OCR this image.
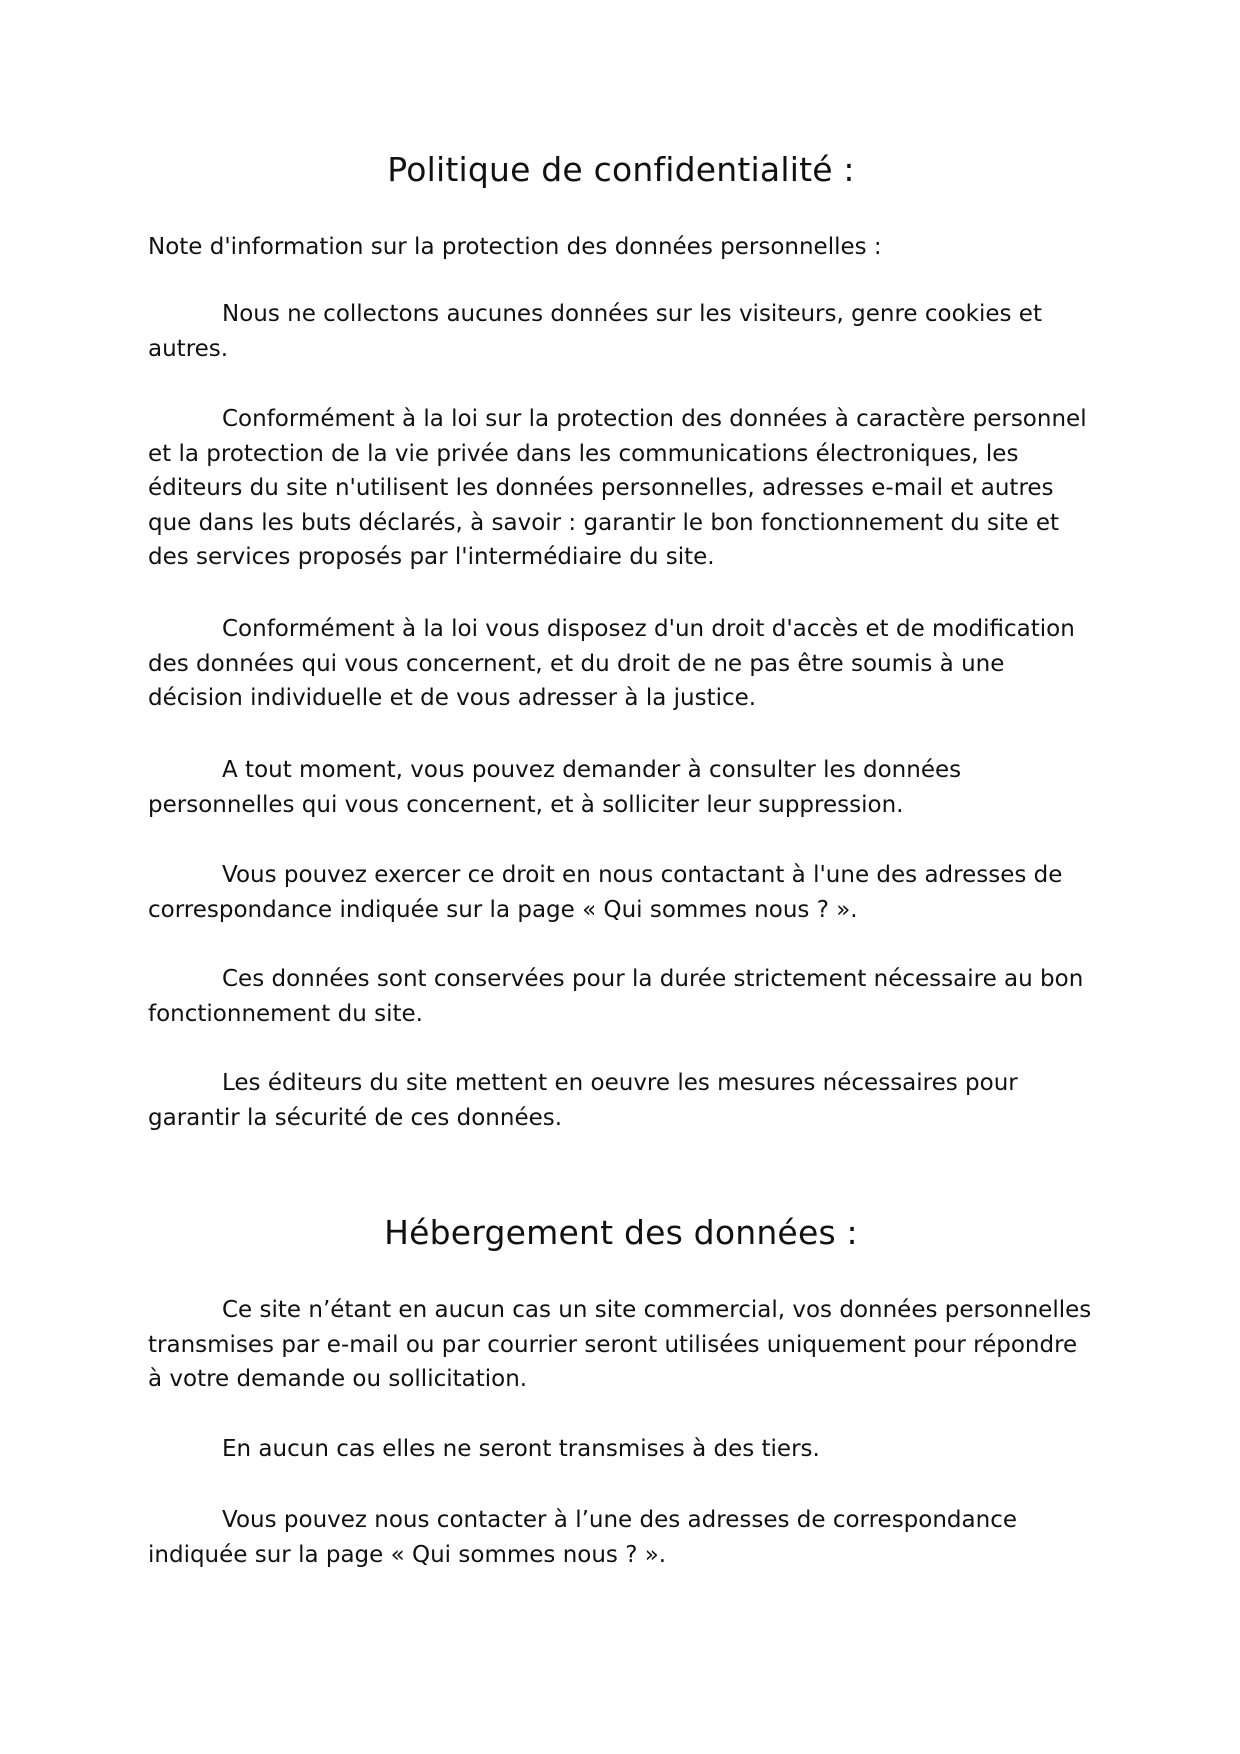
Politique de confidentialité :

Note d'information sur la protection des données personnelles :

Nous ne collectons aucunes données sur les visiteurs, genre cookies et
autres.

Conformément à la loi sur la protection des données à caractère personnel
et la protection de la vie privée dans les communications électroniques, les
éditeurs du site n'utilisent les données personnelles, adresses e-mail et autres
que dans les buts déclarés, à savoir : garantir le bon fonctionnement du site et
des services proposés par l'intermédiaire du site.

Conformément à la loi vous disposez d'un droit d'accès et de modification
des données qui vous concernent, et du droit de ne pas être soumis à une
décision individuelle et de vous adresser à la justice.

A tout moment, vous pouvez demander à consulter les données
personnelles qui vous concernent, et à solliciter leur suppression.

Vous pouvez exercer ce droit en nous contactant à l'une des adresses de
correspondance indiquée sur la page « Qui sommes nous ? ».

Ces données sont conservées pour la durée strictement nécessaire au bon
fonctionnement du site.

Les éditeurs du site mettent en oeuvre les mesures nécessaires pour
garantir la sécurité de ces données.

Hébergement des données :

Ce site n’étant en aucun cas un site commercial, vos données personnelles
transmises par e-mail ou par courrier seront utilisées uniquement pour répondre
à votre demande ou sollicitation.

En aucun cas elles ne seront transmises à des tiers.

Vous pouvez nous contacter à l’une des adresses de correspondance
indiquée sur la page « Qui sommes nous ? ».
